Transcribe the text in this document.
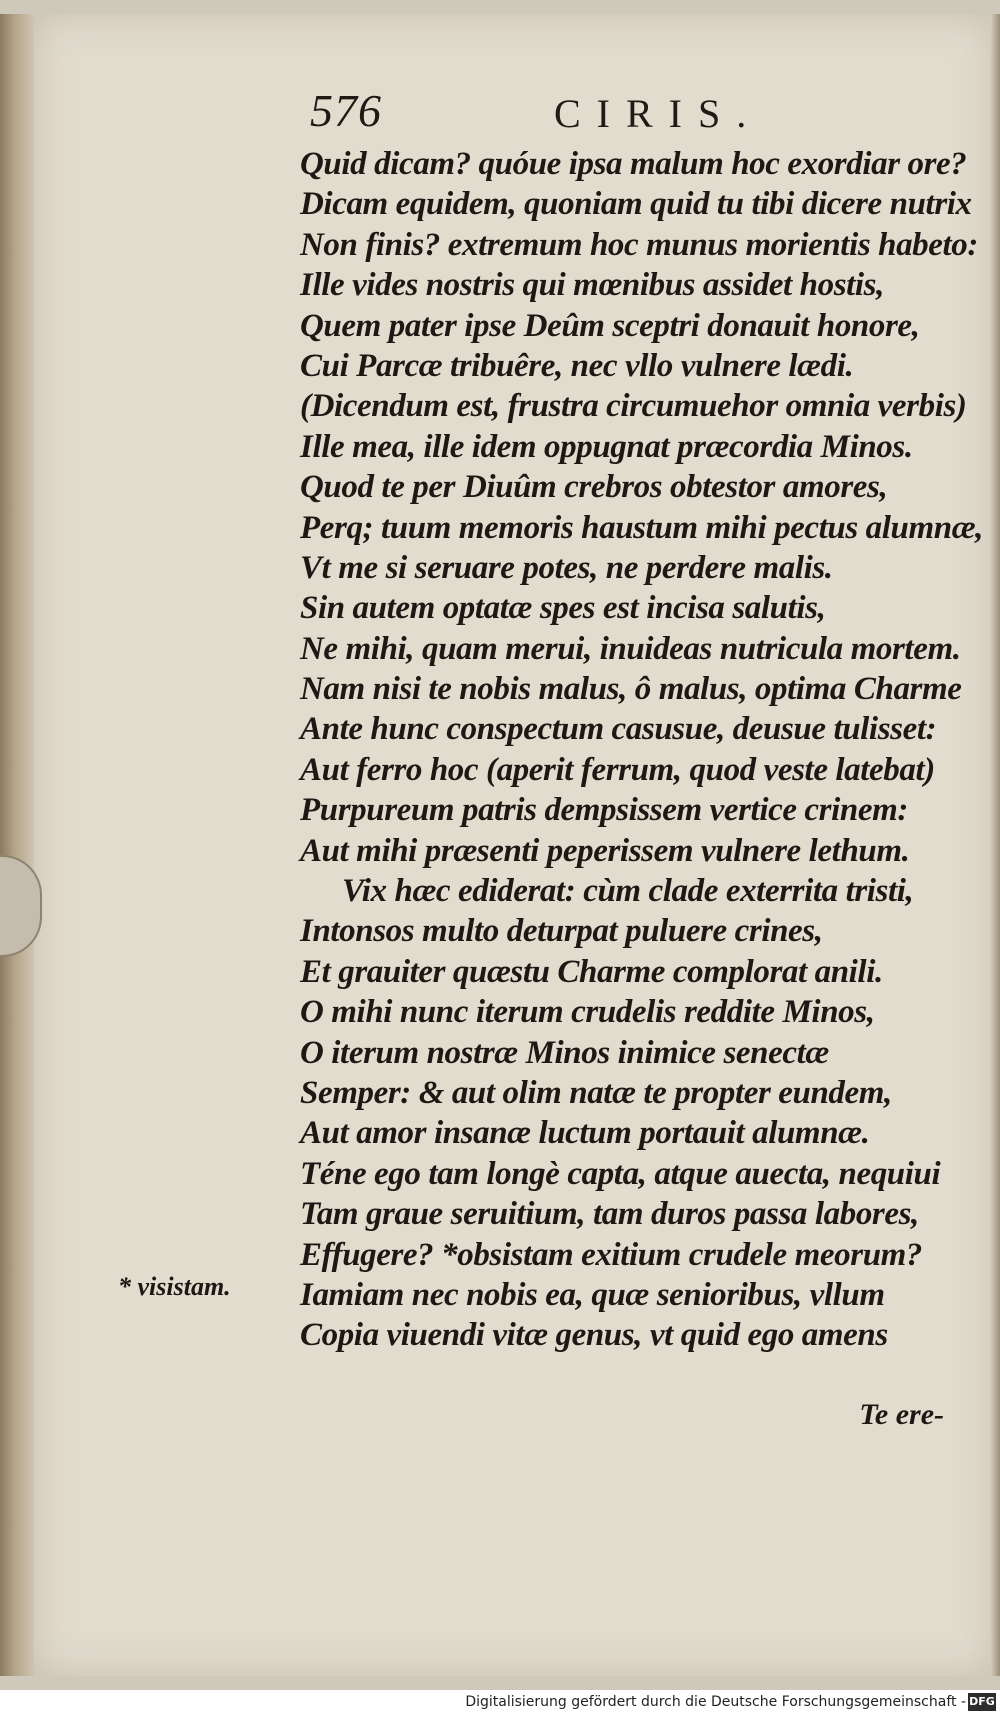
576	CIRIS.
Quid dicam? quóue ipsa malum hoc exordiar ore?
Dicam equidem, quoniam quid tu tibi dicere nutrix
Non finis? extremum hoc munus morientis habeto:
Ille vides nostris qui mœnibus assidet hostis,
Quem pater ipse Deûm sceptri donauit honore,
Cui Parcæ tribuêre, nec vllo vulnere lædi.
(Dicendum est, frustra circumuehor omnia verbis)
Ille mea, ille idem oppugnat præcordia Minos.
Quod te per Diuûm crebros obtestor amores,
Perq; tuum memoris haustum mihi pectus alumnæ,
Vt me si seruare potes, ne perdere malis.
Sin autem optatæ spes est incisa salutis,
Ne mihi, quam merui, inuideas nutricula mortem.
Nam nisi te nobis malus, ô malus, optima Charme
Ante hunc conspectum casusue, deusue tulisset:
Aut ferro hoc (aperit ferrum, quod veste latebat)
Purpureum patris dempsissem vertice crinem:
Aut mihi præsenti peperissem vulnere lethum.
Vix hæc ediderat: cùm clade exterrita tristi,
Intonsos multo deturpat puluere crines,
Et grauiter quæstu Charme complorat anili.
O mihi nunc iterum crudelis reddite Minos,
O iterum nostræ Minos inimice senectæ
Semper: & aut olim natæ te propter eundem,
Aut amor insanæ luctum portauit alumnæ.
Téne ego tam longè capta, atque auecta, nequiui
Tam graue seruitium, tam duros passa labores,
Effugere? *obsistam exitium crudele meorum?
Iamiam nec nobis ea, quæ senioribus, vllum
Copia viuendi vitæ genus, vt quid ego amens
* visistam.
Te ere-
Digitalisierung gefördert durch die Deutsche Forschungsgemeinschaft - DFG
